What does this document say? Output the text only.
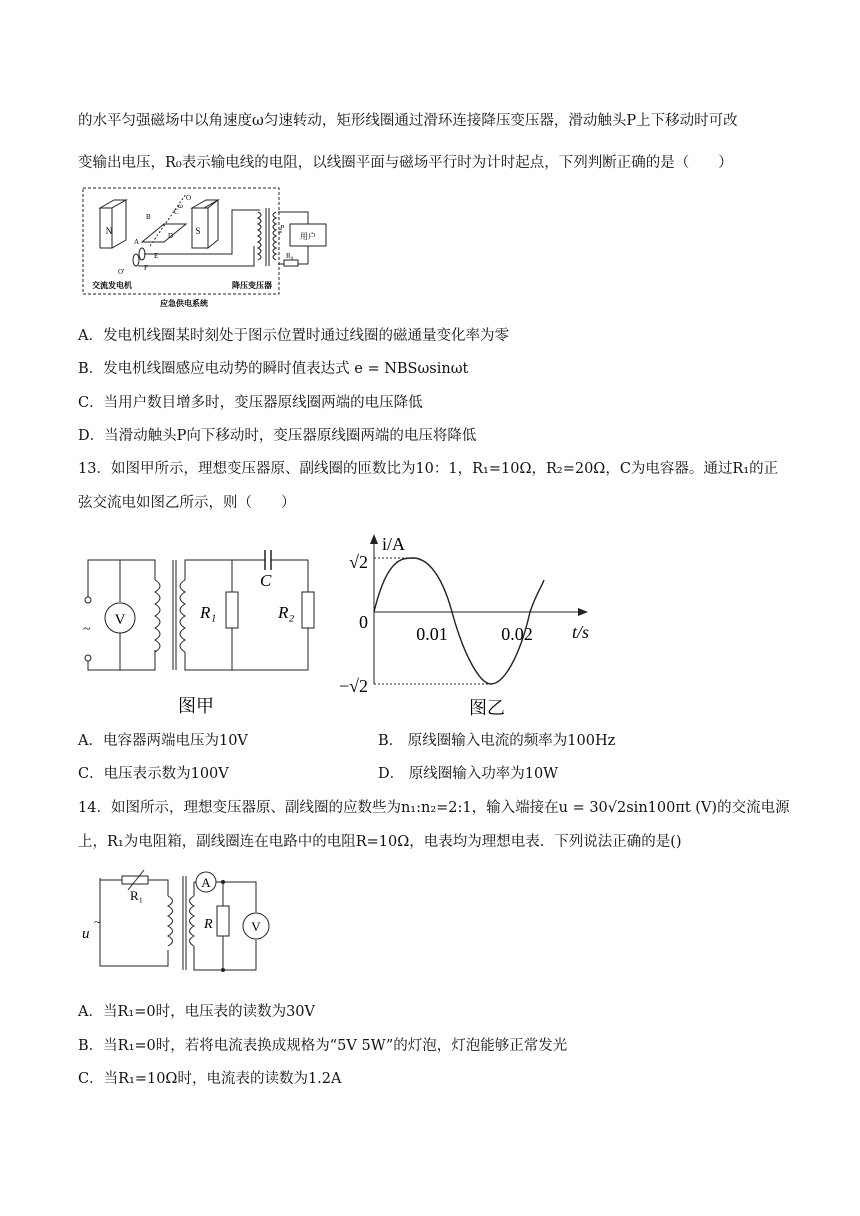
的水平匀强磁场中以角速度ω匀速转动，矩形线圈通过滑环连接降压变压器，滑动触头P上下移动时可改
变输出电压，R₀表示输电线的电阻，以线圈平面与磁场平行时为计时起点，下列判断正确的是（　　）
N	S
B
A
D
E
F
C
O
ω
O'
P
交流发电机	降压变压器
应急供电系统
用户
R₀
A．发电机线圈某时刻处于图示位置时通过线圈的磁通量变化率为零
B．发电机线圈感应电动势的瞬时值表达式 e = NBSωsinωt
C．当用户数目增多时，变压器原线圈两端的电压降低
D．当滑动触头P向下移动时，变压器原线圈两端的电压将降低
13．如图甲所示，理想变压器原、副线圈的匝数比为10：1，R₁=10Ω，R₂=20Ω，C为电容器。通过R₁的正
弦交流电如图乙所示，则（　　）
~
V
C
R₁	R₂
图甲
i/A
t/s
√2
−√2
0
0.01	0.02
图乙
A．电容器两端电压为10V	B． 原线圈输入电流的频率为100Hz
C．电压表示数为100V	D． 原线圈输入功率为10W
14．如图所示，理想变压器原、副线圈的应数些为n₁:n₂=2:1，输入端接在u = 30√2sin100πt (V)的交流电源
上，R₁为电阻箱，副线圈连在电路中的电阻R=10Ω，电表均为理想电表．下列说法正确的是()
R₁
u
~
A
R	V
A．当R₁=0时，电压表的读数为30V
B．当R₁=0时，若将电流表换成规格为“5V 5W”的灯泡，灯泡能够正常发光
C．当R₁=10Ω时，电流表的读数为1.2A
